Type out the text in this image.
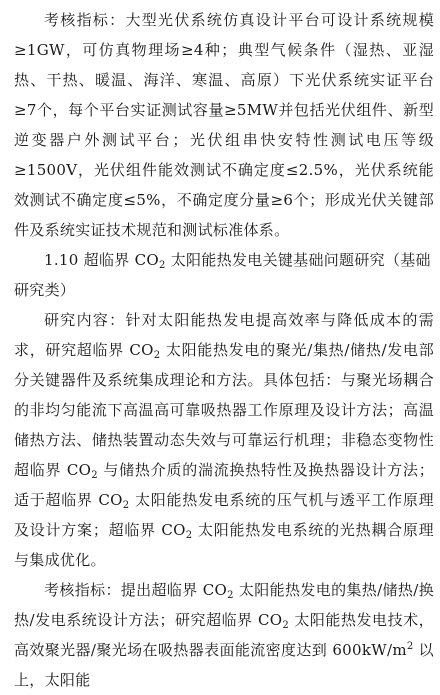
考核指标：大型光伏系统仿真设计平台可设计系统规模≥1GW，可仿真物理场≥4种；典型气候条件（湿热、亚湿热、干热、暖温、海洋、寒温、高原）下光伏系统实证平台≥7个，每个平台实证测试容量≥5MW并包括光伏组件、新型逆变器户外测试平台；光伏组串快安特性测试电压等级≥1500V，光伏组件能效测试不确定度≤2.5%，光伏系统能效测试不确定度≤5%，不确定度分量≥6个；形成光伏关键部件及系统实证技术规范和测试标准体系。

1.10 超临界 $CO_2$ 太阳能热发电关键基础问题研究（基础研究类）

研究内容：针对太阳能热发电提高效率与降低成本的需求，研究超临界 $CO_2$ 太阳能热发电的聚光/集热/储热/发电部分关键器件及系统集成理论和方法。具体包括：与聚光场耦合的非均匀能流下高温高可靠吸热器工作原理及设计方法；高温储热方法、储热装置动态失效与可靠运行机理；非稳态变物性超临界 $CO_2$ 与储热介质的湍流换热特性及换热器设计方法；适于超临界 $CO_2$ 太阳能热发电系统的压气机与透平工作原理及设计方案；超临界 $CO_2$ 太阳能热发电系统的光热耦合原理与集成优化。

考核指标：提出超临界 $CO_2$ 太阳能热发电的集热/储热/换热/发电系统设计方法；研究超临界 $CO_2$ 太阳能热发电技术，高效聚光器/聚光场在吸热器表面能流密度达到 $600kW/m^2$ 以上，太阳能
